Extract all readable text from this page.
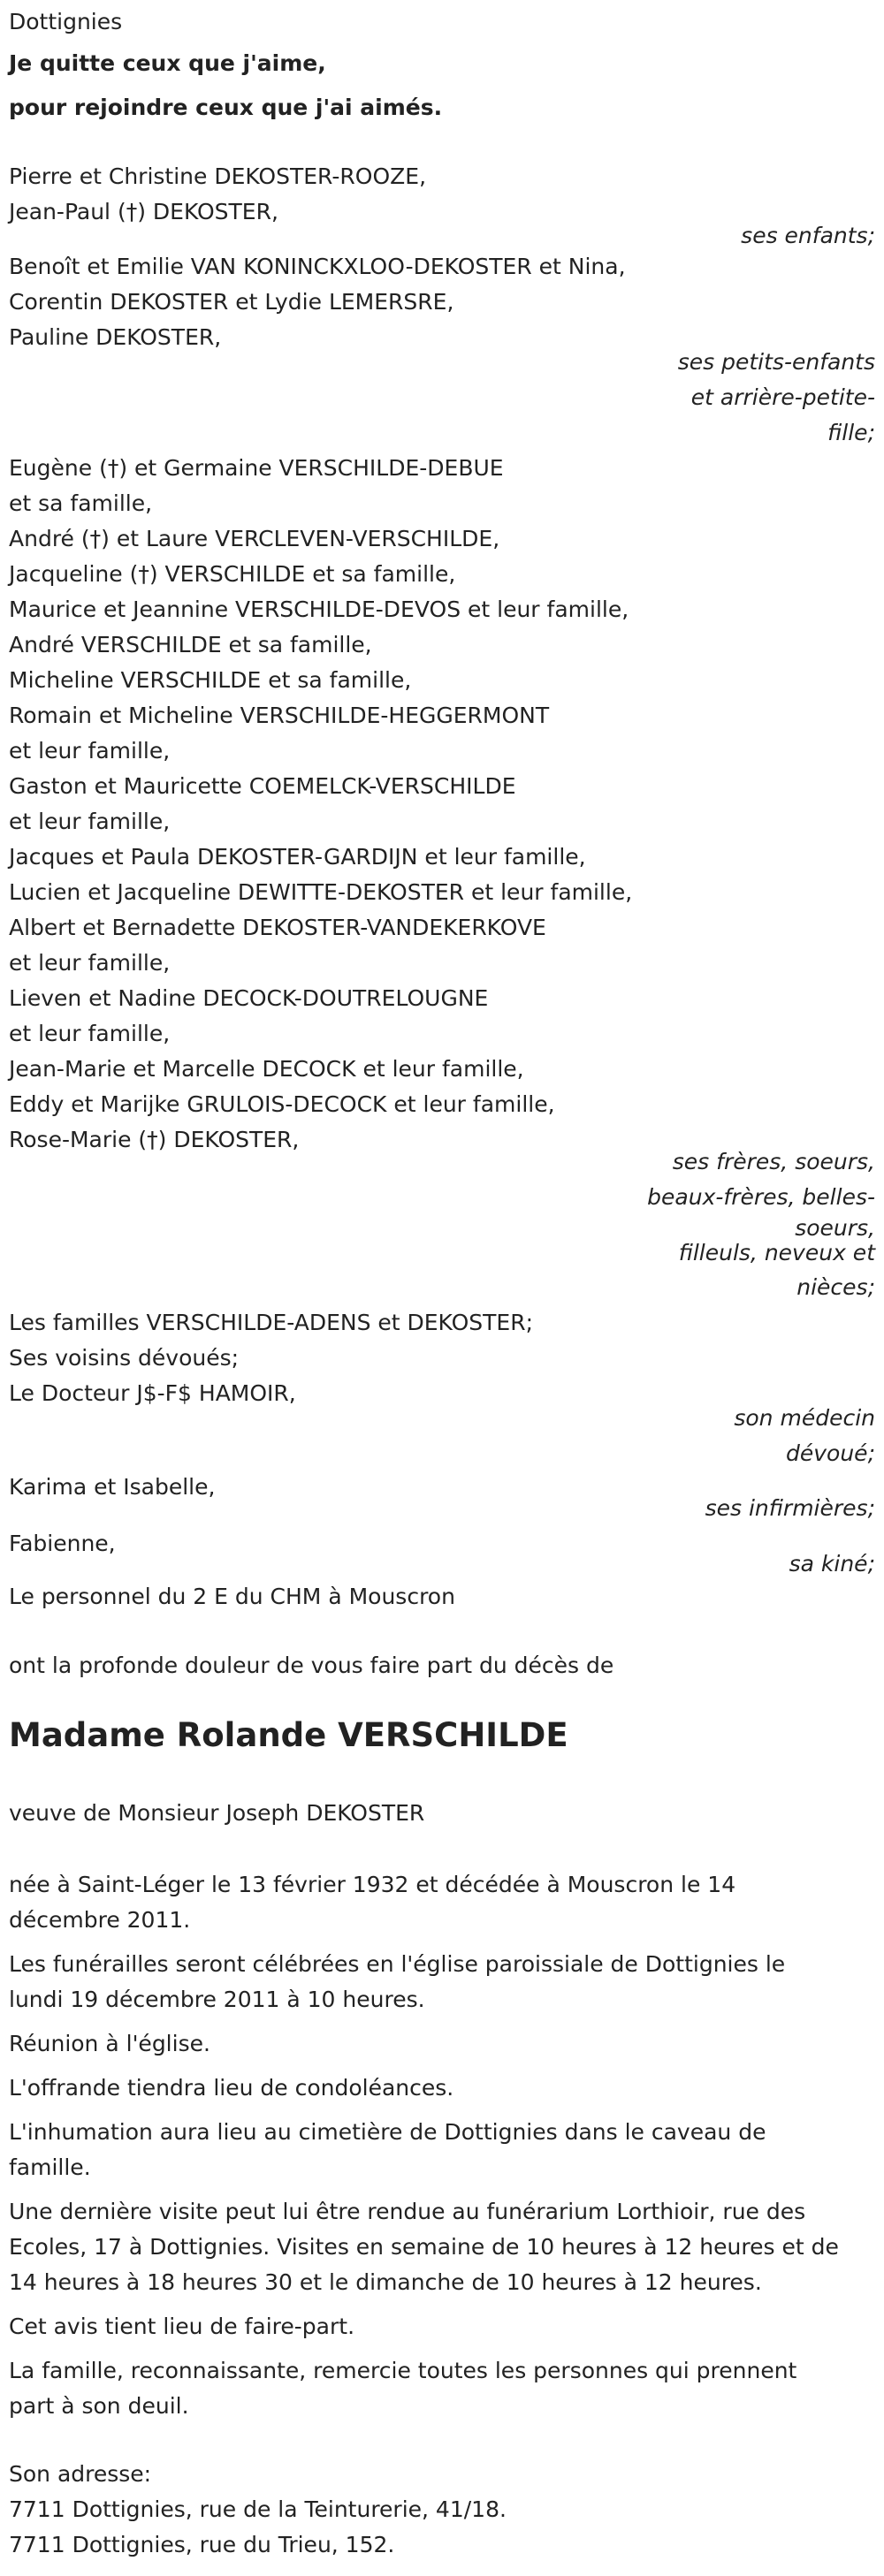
Dottignies
Je quitte ceux que j'aime,
pour rejoindre ceux que j'ai aimés.
Pierre et Christine DEKOSTER-ROOZE,
Jean-Paul (†) DEKOSTER,
ses enfants;
Benoît et Emilie VAN KONINCKXLOO-DEKOSTER et Nina,
Corentin DEKOSTER et Lydie LEMERSRE,
Pauline DEKOSTER,
ses petits-enfants
et arrière-petite-
fille;
Eugène (†) et Germaine VERSCHILDE-DEBUE
et sa famille,
André (†) et Laure VERCLEVEN-VERSCHILDE,
Jacqueline (†) VERSCHILDE et sa famille,
Maurice et Jeannine VERSCHILDE-DEVOS et leur famille,
André VERSCHILDE et sa famille,
Micheline VERSCHILDE et sa famille,
Romain et Micheline VERSCHILDE-HEGGERMONT
et leur famille,
Gaston et Mauricette COEMELCK-VERSCHILDE
et leur famille,
Jacques et Paula DEKOSTER-GARDIJN et leur famille,
Lucien et Jacqueline DEWITTE-DEKOSTER et leur famille,
Albert et Bernadette DEKOSTER-VANDEKERKOVE
et leur famille,
Lieven et Nadine DECOCK-DOUTRELOUGNE
et leur famille,
Jean-Marie et Marcelle DECOCK et leur famille,
Eddy et Marijke GRULOIS-DECOCK et leur famille,
Rose-Marie (†) DEKOSTER,
ses frères, soeurs,
beaux-frères, belles-
soeurs,
filleuls, neveux et
nièces;
Les familles VERSCHILDE-ADENS et DEKOSTER;
Ses voisins dévoués;
Le Docteur J$-F$ HAMOIR,
son médecin
dévoué;
Karima et Isabelle,
ses infirmières;
Fabienne,
sa kiné;
Le personnel du 2 E du CHM à Mouscron
ont la profonde douleur de vous faire part du décès de
Madame Rolande VERSCHILDE
veuve de Monsieur Joseph DEKOSTER
née à Saint-Léger le 13 février 1932 et décédée à Mouscron le 14
décembre 2011.
Les funérailles seront célébrées en l'église paroissiale de Dottignies le
lundi 19 décembre 2011 à 10 heures.
Réunion à l'église.
L'offrande tiendra lieu de condoléances.
L'inhumation aura lieu au cimetière de Dottignies dans le caveau de
famille.
Une dernière visite peut lui être rendue au funérarium Lorthioir, rue des
Ecoles, 17 à Dottignies. Visites en semaine de 10 heures à 12 heures et de
14 heures à 18 heures 30 et le dimanche de 10 heures à 12 heures.
Cet avis tient lieu de faire-part.
La famille, reconnaissante, remercie toutes les personnes qui prennent
part à son deuil.
Son adresse:
7711 Dottignies, rue de la Teinturerie, 41/18.
7711 Dottignies, rue du Trieu, 152.
